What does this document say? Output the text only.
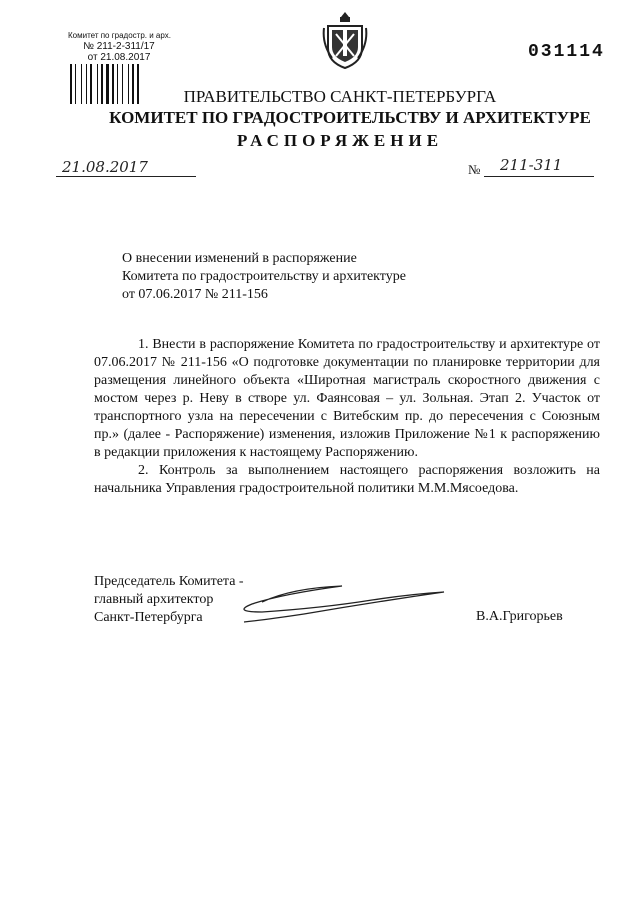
Комитет по градостр. и арх.
№ 211-2-311/17
от 21.08.2017	031114
ПРАВИТЕЛЬСТВО САНКТ-ПЕТЕРБУРГА
КОМИТЕТ ПО ГРАДОСТРОИТЕЛЬСТВУ И АРХИТЕКТУРЕ
РАСПОРЯЖЕНИЕ
21.08.2017	№ 211-311
О внесении изменений в распоряжение
Комитета по градостроительству и архитектуре
от 07.06.2017 № 211-156

1. Внести в распоряжение Комитета по градостроительству и архитектуре от 07.06.2017 № 211-156 «О подготовке документации по планировке территории для размещения линейного объекта «Широтная магистраль скоростного движения с мостом через р. Неву в створе ул. Фаянсовая – ул. Зольная. Этап 2. Участок от транспортного узла на пересечении с Витебским пр. до пересечения с Союзным пр.» (далее - Распоряжение) изменения, изложив Приложение №1 к распоряжению в редакции приложения к настоящему Распоряжению.

2. Контроль за выполнением настоящего распоряжения возложить на начальника Управления градостроительной политики М.М.Мясоедова.

Председатель Комитета -
главный архитектор
Санкт-Петербурга	В.А.Григорьев
